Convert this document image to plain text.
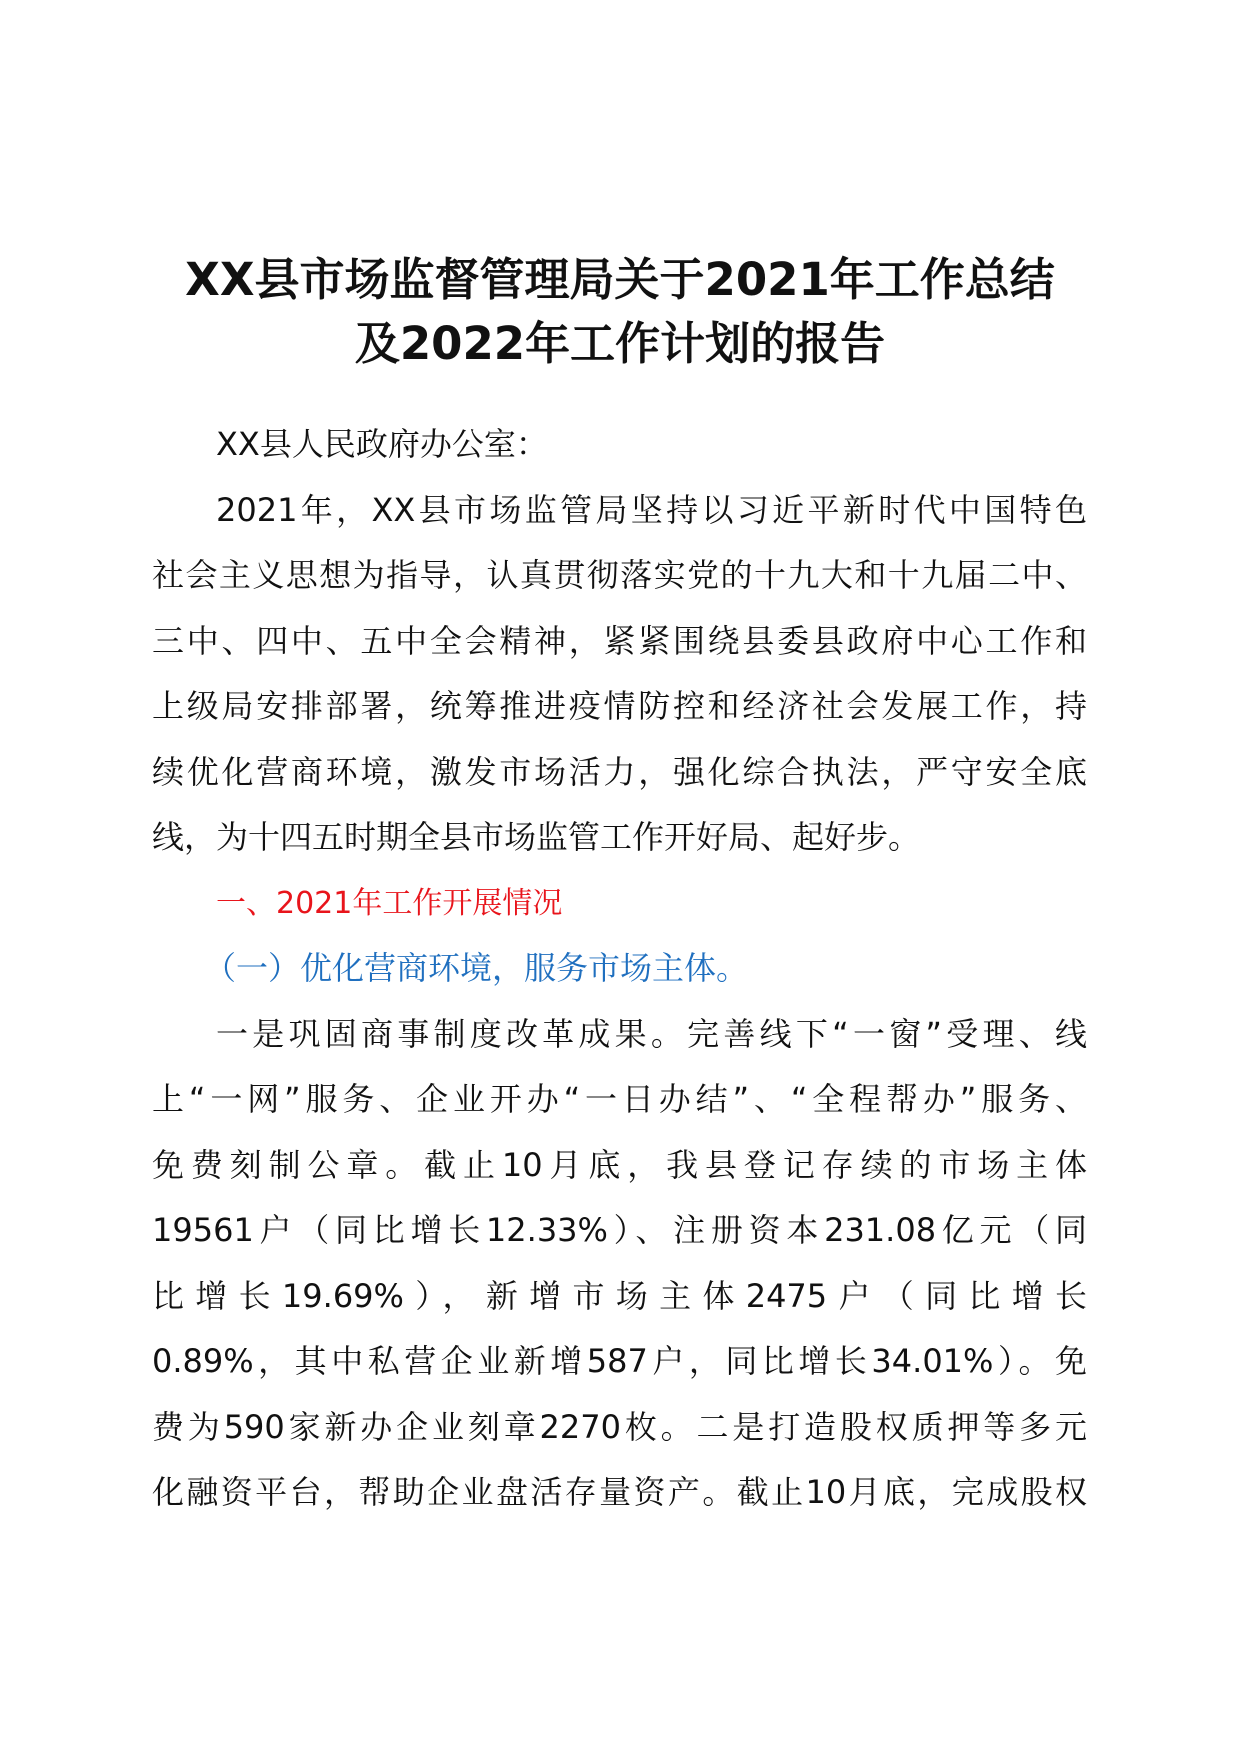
XX县市场监督管理局关于2021年工作总结
及2022年工作计划的报告

XX县人民政府办公室：

2021年，XX县市场监管局坚持以习近平新时代中国特色
社会主义思想为指导，认真贯彻落实党的十九大和十九届二中、
三中、四中、五中全会精神，紧紧围绕县委县政府中心工作和
上级局安排部署，统筹推进疫情防控和经济社会发展工作，持
续优化营商环境，激发市场活力，强化综合执法，严守安全底
线，为十四五时期全县市场监管工作开好局、起好步。

一、2021年工作开展情况

（一）优化营商环境，服务市场主体。

一是巩固商事制度改革成果。完善线下“一窗”受理、线
上“一网”服务、企业开办“一日办结”、“全程帮办”服务、
免费刻制公章。截止10月底，我县登记存续的市场主体
19561户（同比增长12.33%）、注册资本231.08亿元（同
比增长19.69%），新增市场主体2475户（同比增长
0.89%，其中私营企业新增587户，同比增长34.01%）。免
费为590家新办企业刻章2270枚。二是打造股权质押等多元
化融资平台，帮助企业盘活存量资产。截止10月底，完成股权
